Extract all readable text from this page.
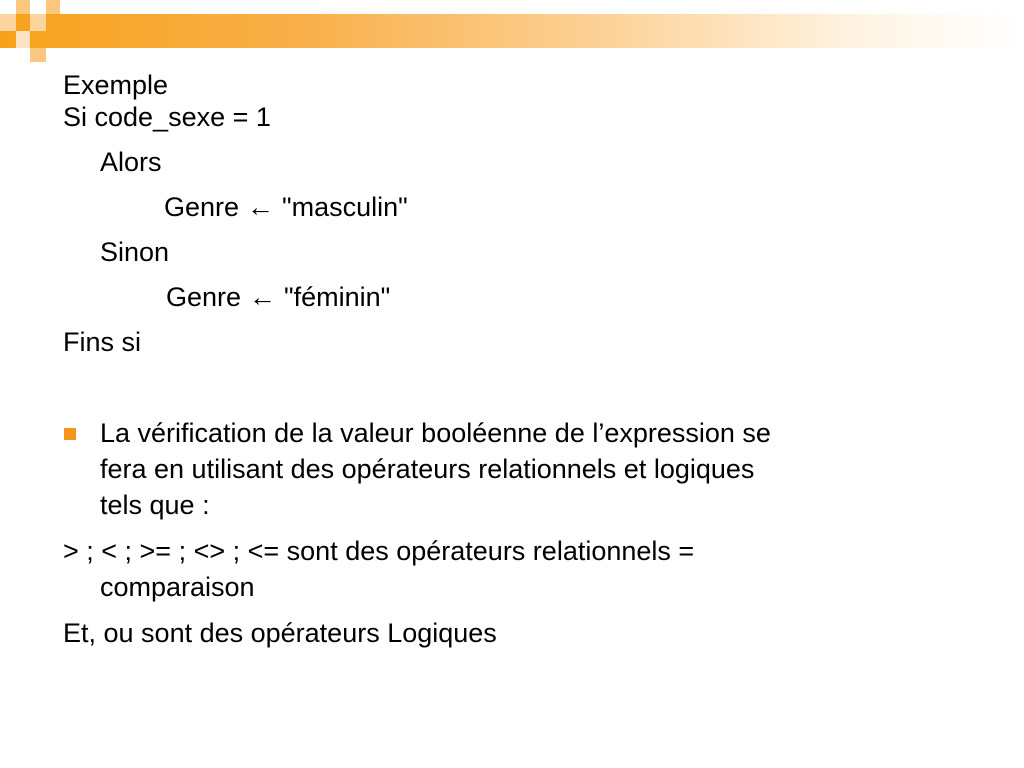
Exemple
Si code_sexe = 1
Alors
Genre ← "masculin"
Sinon
Genre ← "féminin"
Fins si
La vérification de la valeur booléenne de l’expression se
fera en utilisant des opérateurs relationnels et logiques
tels que :
> ; < ; >= ; <> ; <= sont des opérateurs relationnels =
comparaison
Et, ou sont des opérateurs Logiques
